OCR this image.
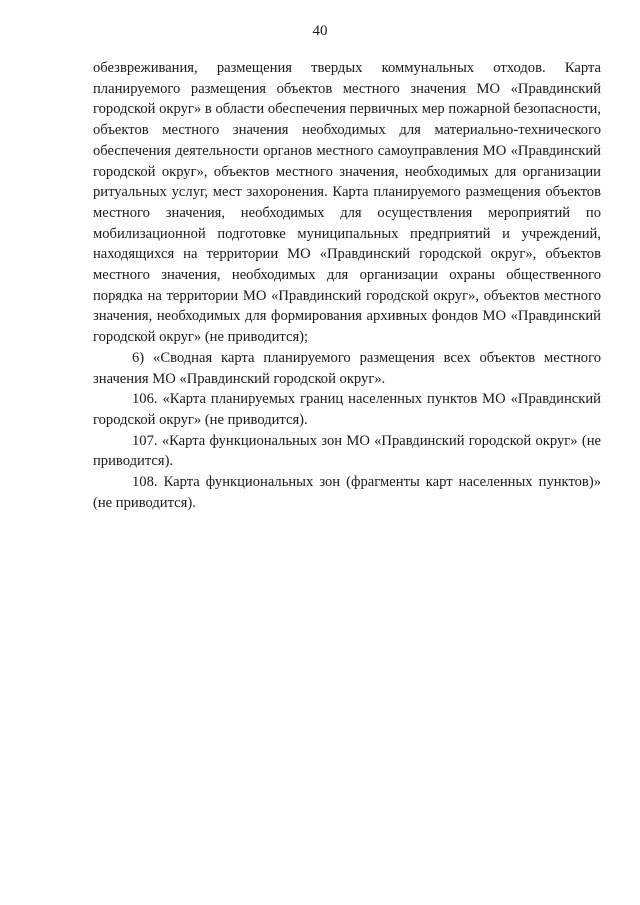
40

обезвреживания, размещения твердых коммунальных отходов. Карта планируемого размещения объектов местного значения МО «Правдинский городской округ» в области обеспечения первичных мер пожарной безопасности, объектов местного значения необходимых для материально-технического обеспечения деятельности органов местного самоуправления МО «Правдинский городской округ», объектов местного значения, необходимых для организации ритуальных услуг, мест захоронения. Карта планируемого размещения объектов местного значения, необходимых для осуществления мероприятий по мобилизационной подготовке муниципальных предприятий и учреждений, находящихся на территории МО «Правдинский городской округ», объектов местного значения, необходимых для организации охраны общественного порядка на территории МО «Правдинский городской округ», объектов местного значения, необходимых для формирования архивных фондов МО «Правдинский городской округ» (не приводится);

6) «Сводная карта планируемого размещения всех объектов местного значения МО «Правдинский городской округ».

106. «Карта планируемых границ населенных пунктов МО «Правдинский городской округ» (не приводится).

107. «Карта функциональных зон МО «Правдинский городской округ» (не приводится).

108. Карта функциональных зон (фрагменты карт населенных пунктов)» (не приводится).
